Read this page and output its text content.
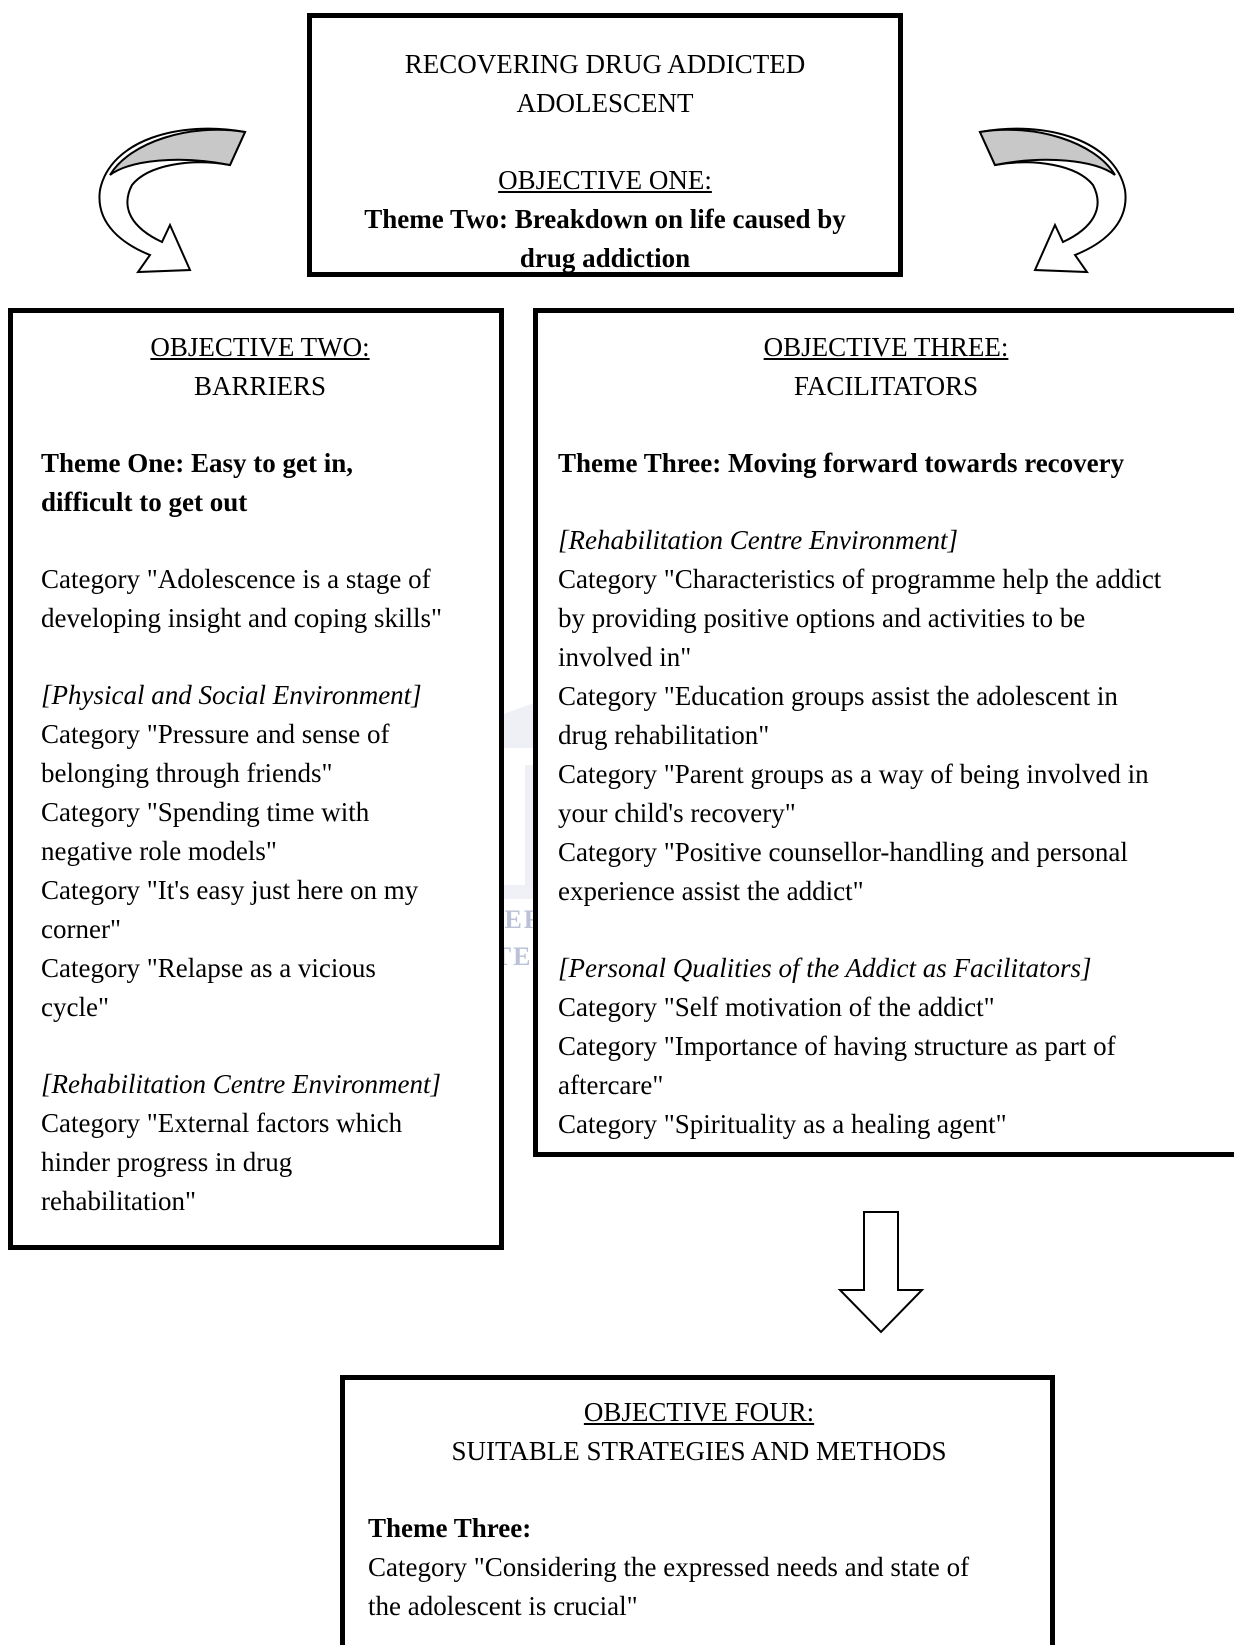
UNIVERSITY

RECOVERING DRUG ADDICTED

ADOLESCENT

OBJECTIVE ONE:

Theme Two: Breakdown on life caused by

drug addiction

OBJECTIVE TWO:

BARRIERS

Theme One: Easy to get in,

difficult to get out

Category "Adolescence is a stage of

developing insight and coping skills"

[Physical and Social Environment]

Category "Pressure and sense of

belonging through friends"

Category "Spending time with

negative role models"

Category "It's easy just here on my

corner"

Category "Relapse as a vicious

cycle"

[Rehabilitation Centre Environment]

Category "External factors which

hinder progress in drug

rehabilitation"

OBJECTIVE THREE:

FACILITATORS

Theme Three: Moving forward towards recovery

[Rehabilitation Centre Environment]

Category "Characteristics of programme help the addict

by providing positive options and activities to be

involved in"

Category "Education groups assist the adolescent in

drug rehabilitation"

Category "Parent groups as a way of being involved in

your child's recovery"

Category "Positive counsellor-handling and personal

experience assist the addict"

[Personal Qualities of the Addict as Facilitators]

Category "Self motivation of the addict"

Category "Importance of having structure as part of

aftercare"

Category "Spirituality as a healing agent"

OBJECTIVE FOUR:

SUITABLE STRATEGIES AND METHODS

Theme Three:

Category "Considering the expressed needs and state of

the adolescent is crucial"
